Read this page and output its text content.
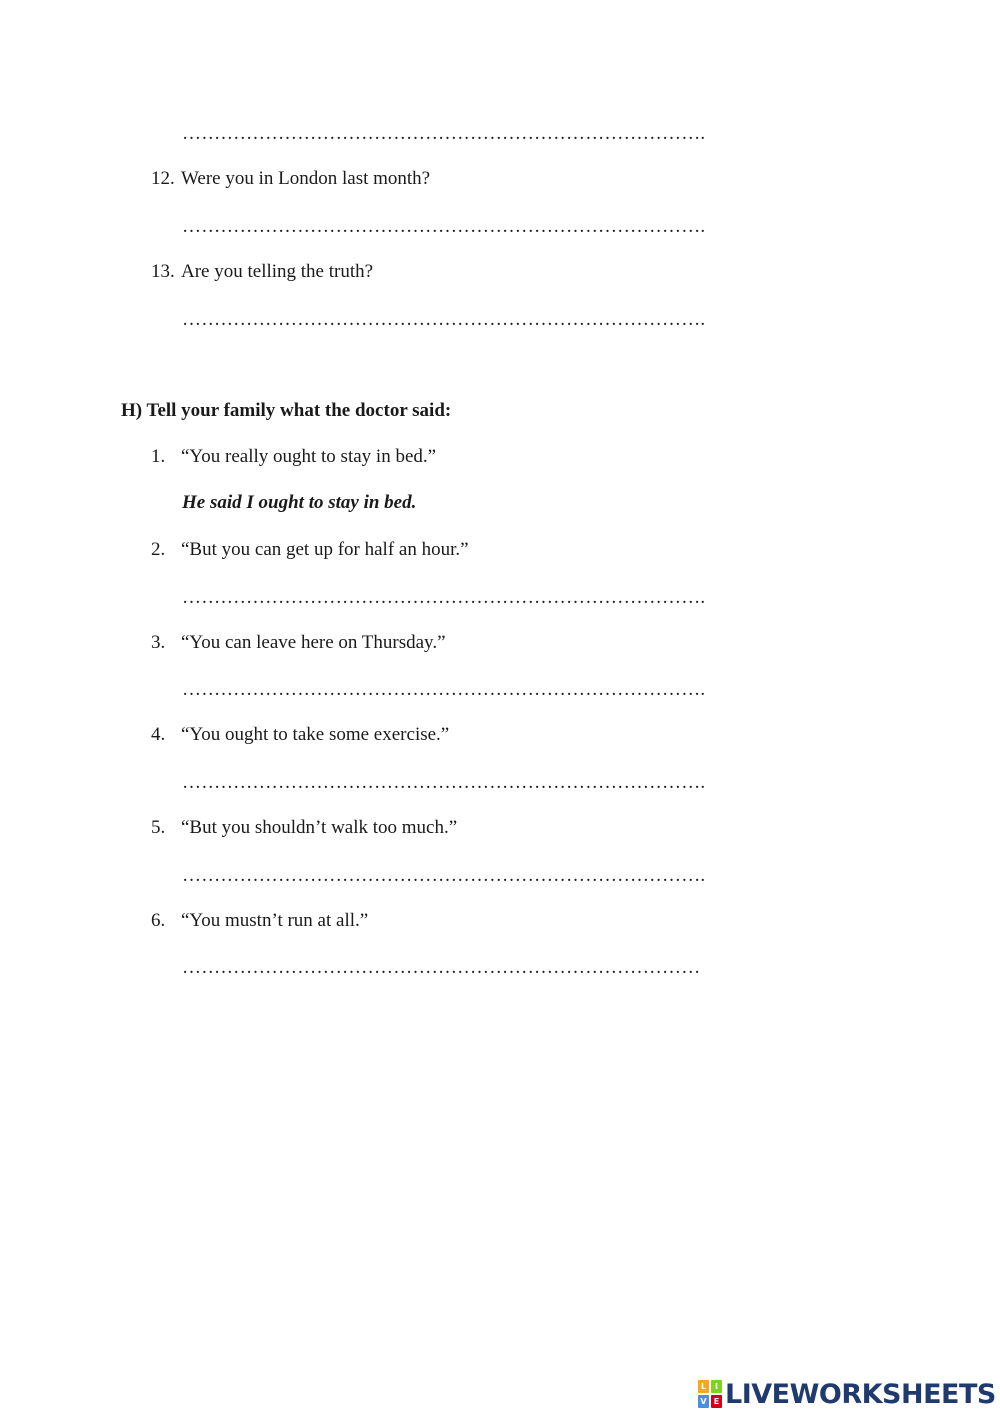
……………………………………………………………………….
12. Were you in London last month?
……………………………………………………………………….
13. Are you telling the truth?
……………………………………………………………………….
H) Tell your family what the doctor said:
1. “You really ought to stay in bed.”
He said I ought to stay in bed.
2. “But you can get up for half an hour.”
……………………………………………………………………….
3. “You can leave here on Thursday.”
……………………………………………………………………….
4. “You ought to take some exercise.”
……………………………………………………………………….
5. “But you shouldn’t walk too much.”
……………………………………………………………………….
6. “You mustn’t run at all.”
………………………………………………………………………
L	I
V E LIVEWORKSHEETS
